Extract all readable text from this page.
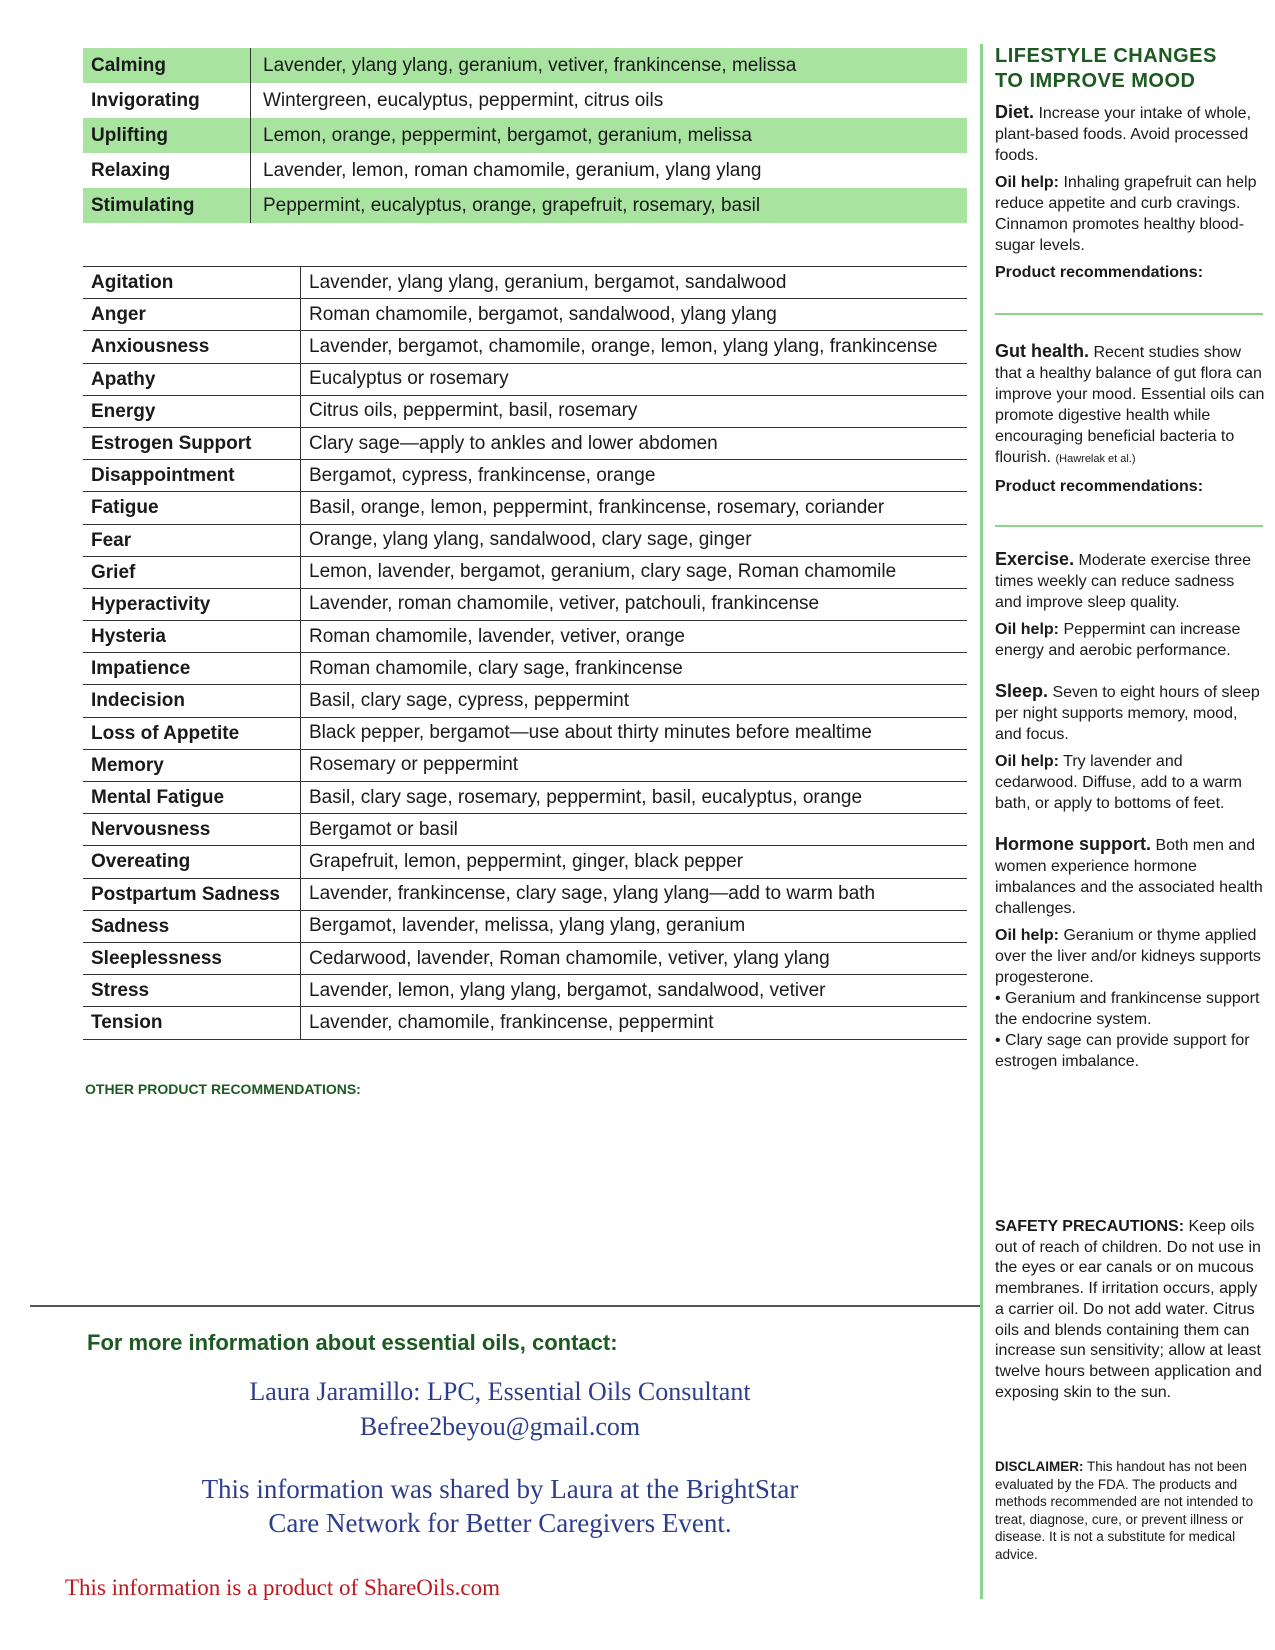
Calming	Lavender, ylang ylang, geranium, vetiver, frankincense, melissa
Invigorating	Wintergreen, eucalyptus, peppermint, citrus oils
Uplifting	Lemon, orange, peppermint, bergamot, geranium, melissa
Relaxing	Lavender, lemon, roman chamomile, geranium, ylang ylang
Stimulating	Peppermint, eucalyptus, orange, grapefruit, rosemary, basil
Agitation	Lavender, ylang ylang, geranium, bergamot, sandalwood
Anger	Roman chamomile, bergamot, sandalwood, ylang ylang
Anxiousness	Lavender, bergamot, chamomile, orange, lemon, ylang ylang, frankincense
Apathy	Eucalyptus or rosemary
Energy	Citrus oils, peppermint, basil, rosemary
Estrogen Support	Clary sage—apply to ankles and lower abdomen
Disappointment	Bergamot, cypress, frankincense, orange
Fatigue	Basil, orange, lemon, peppermint, frankincense, rosemary, coriander
Fear	Orange, ylang ylang, sandalwood, clary sage, ginger
Grief	Lemon, lavender, bergamot, geranium, clary sage, Roman chamomile
Hyperactivity	Lavender, roman chamomile, vetiver, patchouli, frankincense
Hysteria	Roman chamomile, lavender, vetiver, orange
Impatience	Roman chamomile, clary sage, frankincense
Indecision	Basil, clary sage, cypress, peppermint
Loss of Appetite	Black pepper, bergamot—use about thirty minutes before mealtime
Memory	Rosemary or peppermint
Mental Fatigue	Basil, clary sage, rosemary, peppermint, basil, eucalyptus, orange
Nervousness	Bergamot or basil
Overeating	Grapefruit, lemon, peppermint, ginger, black pepper
Postpartum Sadness	Lavender, frankincense, clary sage, ylang ylang—add to warm bath
Sadness	Bergamot, lavender, melissa, ylang ylang, geranium
Sleeplessness	Cedarwood, lavender, Roman chamomile, vetiver, ylang ylang
Stress	Lavender, lemon, ylang ylang, bergamot, sandalwood, vetiver
Tension	Lavender, chamomile, frankincense, peppermint
OTHER PRODUCT RECOMMENDATIONS:
LIFESTYLE CHANGES
TO IMPROVE MOOD

Diet. Increase your intake of whole, plant-based foods. Avoid processed foods.

Oil help: Inhaling grapefruit can help reduce appetite and curb cravings. Cinnamon promotes healthy blood-sugar levels.

Product recommendations:

Gut health. Recent studies show that a healthy balance of gut flora can improve your mood. Essential oils can promote digestive health while encouraging beneficial bacteria to flourish. (Hawrelak et al.)

Product recommendations:

Exercise. Moderate exercise three times weekly can reduce sadness and improve sleep quality.

Oil help: Peppermint can increase energy and aerobic performance.

Sleep. Seven to eight hours of sleep per night supports memory, mood, and focus.

Oil help: Try lavender and cedarwood. Diffuse, add to a warm bath, or apply to bottoms of feet.

Hormone support. Both men and women experience hormone imbalances and the associated health challenges.

Oil help: Geranium or thyme applied over the liver and/or kidneys supports progesterone.

• Geranium and frankincense support the endocrine system.

• Clary sage can provide support for estrogen imbalance.

SAFETY PRECAUTIONS: Keep oils out of reach of children. Do not use in the eyes or ear canals or on mucous membranes. If irritation occurs, apply a carrier oil. Do not add water. Citrus oils and blends containing them can increase sun sensitivity; allow at least twelve hours between application and exposing skin to the sun.
DISCLAIMER: This handout has not been evaluated by the FDA. The products and methods recommended are not intended to treat, diagnose, cure, or prevent illness or disease. It is not a substitute for medical advice.
For more information about essential oils, contact:
Laura Jaramillo: LPC, Essential Oils Consultant
Befree2beyou@gmail.com
This information was shared by Laura at the BrightStar
Care Network for Better Caregivers Event.
This information is a product of ShareOils.com
